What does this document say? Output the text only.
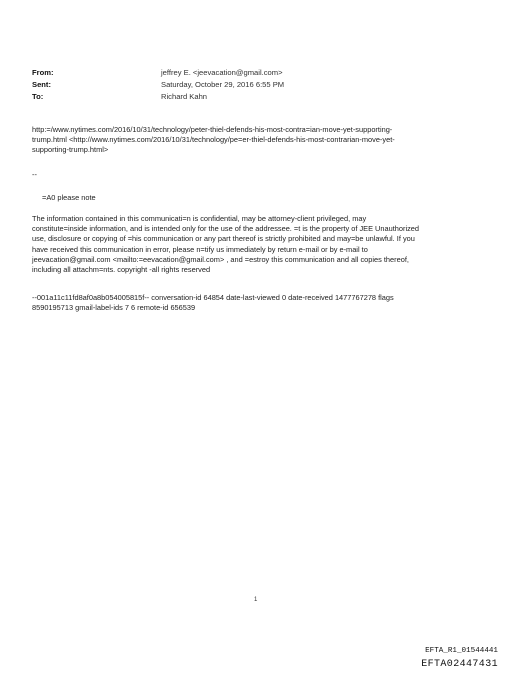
From:	jeffrey E. <jeevacation@gmail.com>
Sent:	Saturday, October 29, 2016 6:55 PM
To:	Richard Kahn
http:=/www.nytimes.com/2016/10/31/technology/peter-thiel-defends-his-most-contra=ian-move-yet-supporting-
trump.html <http://www.nytimes.com/2016/10/31/technology/pe=er-thiel-defends-his-most-contrarian-move-yet-
supporting-trump.html>
--
=A0 please note
The information contained in this communicati=n is confidential, may be attorney-client privileged, may
constitute=inside information, and is intended only for the use of the addressee. =t is the property of JEE Unauthorized
use, disclosure or copying of =his communication or any part thereof is strictly prohibited and may=be unlawful. If you
have received this communication in error, please n=tify us immediately by return e-mail or by e-mail to
jeevacation@gmail.com <mailto:=eevacation@gmail.com> , and =estroy this communication and all copies thereof,
including all attachm=nts. copyright -all rights reserved
--001a11c11fd8af0a8b054005815f-- conversation-id 64854 date-last-viewed 0 date-received 1477767278 flags
8590195713 gmail-label-ids 7 6 remote-id 656539
1
EFTA_R1_01544441
EFTA02447431
